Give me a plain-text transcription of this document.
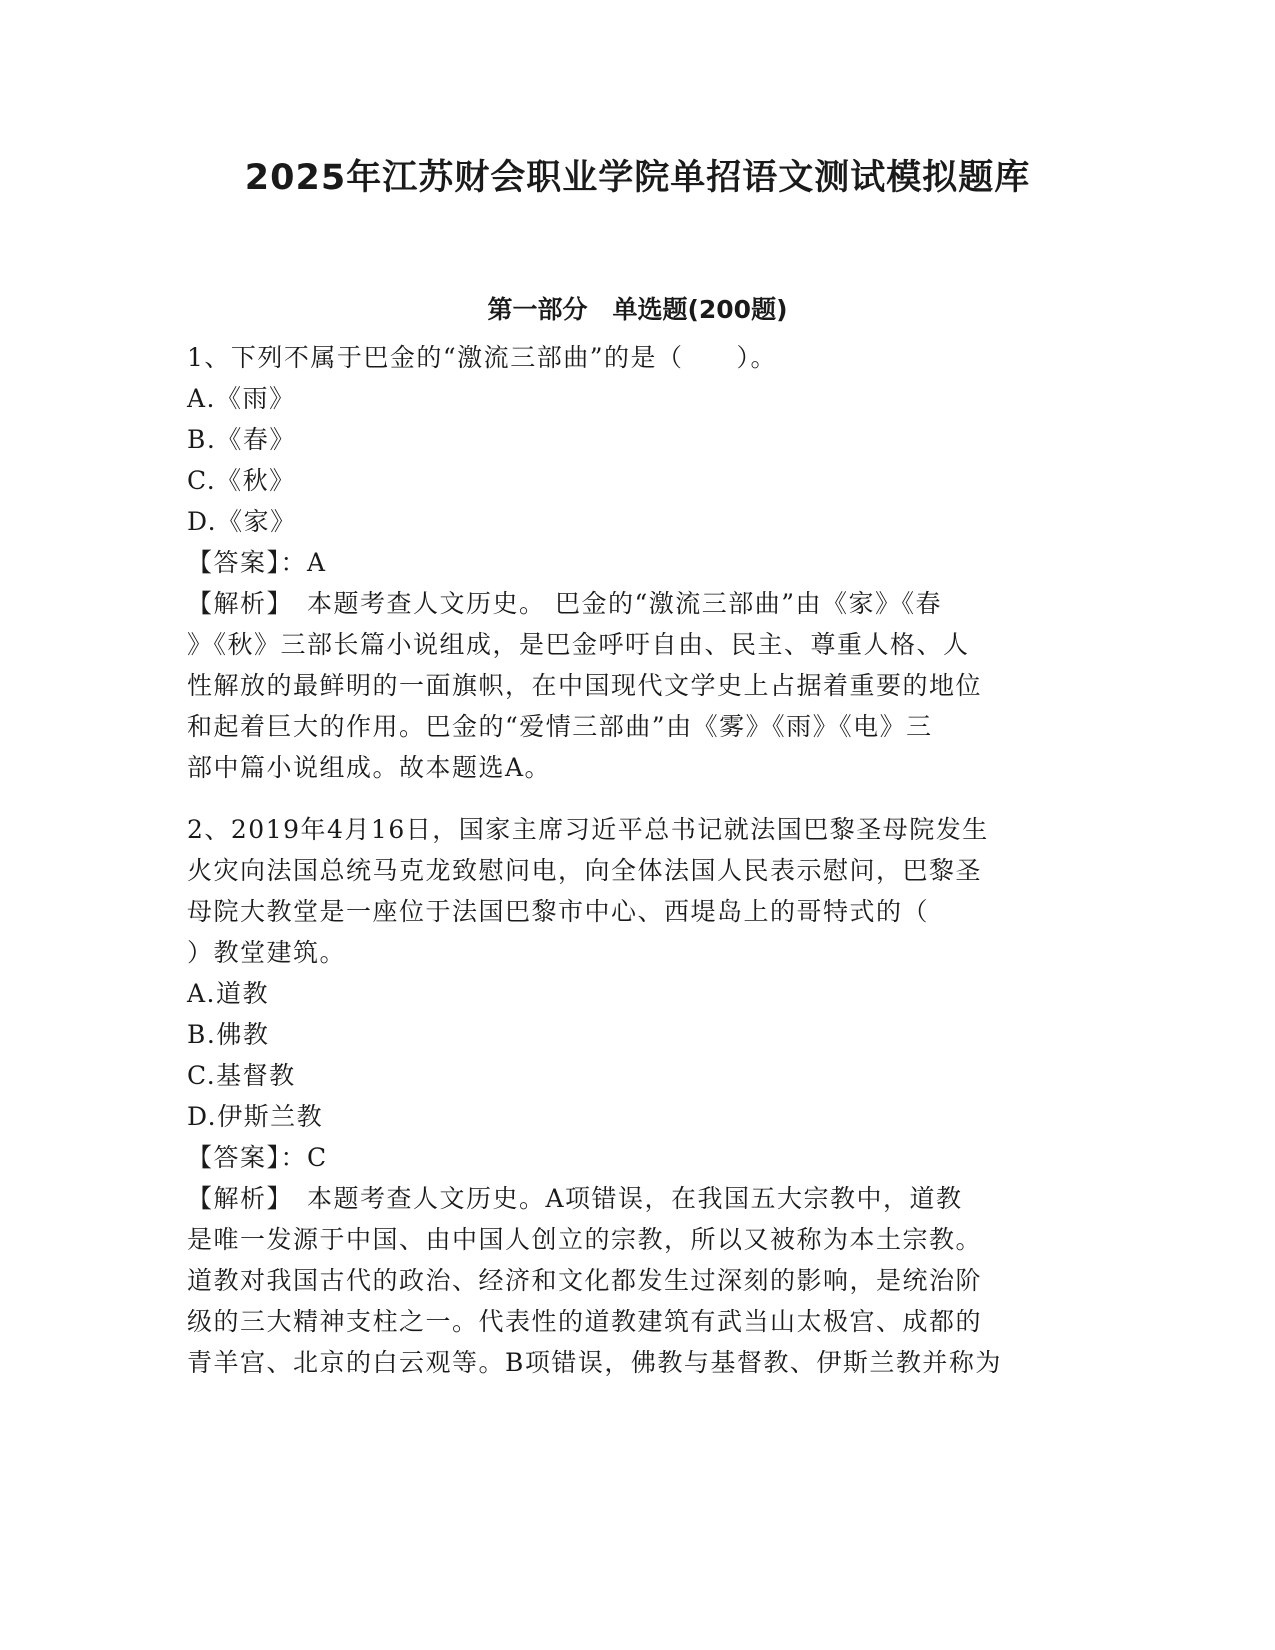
2025年江苏财会职业学院单招语文测试模拟题库
第一部分　单选题(200题)
1、下列不属于巴金的“激流三部曲”的是（　　）。
A.《雨》
B.《春》
C.《秋》
D.《家》
【答案】：A
【解析】　本题考查人文历史。 巴金的“激流三部曲”由《家》《春
》《秋》三部长篇小说组成，是巴金呼吁自由、民主、尊重人格、人
性解放的最鲜明的一面旗帜，在中国现代文学史上占据着重要的地位
和起着巨大的作用。巴金的“爱情三部曲”由《雾》《雨》《电》三
部中篇小说组成。故本题选A。
2、2019年4月16日，国家主席习近平总书记就法国巴黎圣母院发生
火灾向法国总统马克龙致慰问电，向全体法国人民表示慰问，巴黎圣
母院大教堂是一座位于法国巴黎市中心、西堤岛上的哥特式的（
）教堂建筑。
A.道教
B.佛教
C.基督教
D.伊斯兰教
【答案】：C
【解析】　本题考查人文历史。A项错误，在我国五大宗教中，道教
是唯一发源于中国、由中国人创立的宗教，所以又被称为本土宗教。
道教对我国古代的政治、经济和文化都发生过深刻的影响，是统治阶
级的三大精神支柱之一。代表性的道教建筑有武当山太极宫、成都的
青羊宫、北京的白云观等。B项错误，佛教与基督教、伊斯兰教并称为
